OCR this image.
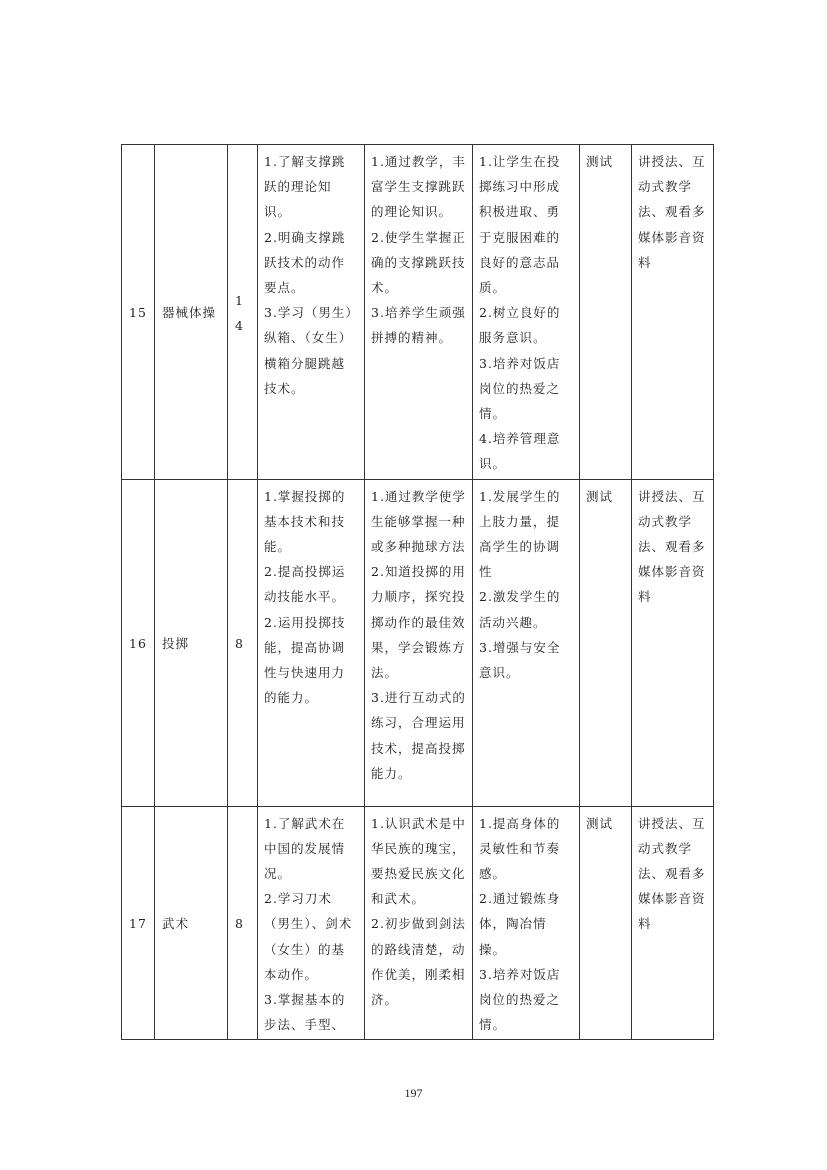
15	器械体操	14	1.了解支撑跳跃的理论知识。
2.明确支撑跳跃技术的动作要点。
3.学习（男生）纵箱、（女生）横箱分腿跳越技术。	1.通过教学，丰富学生支撑跳跃的理论知识。
2.使学生掌握正确的支撑跳跃技术。
3.培养学生顽强拼搏的精神。	1.让学生在投掷练习中形成积极进取、勇于克服困难的良好的意志品质。
2.树立良好的服务意识。
3.培养对饭店岗位的热爱之情。
4.培养管理意识。	测试	讲授法、互动式教学法、观看多媒体影音资料
16	投掷	8	1.掌握投掷的基本技术和技能。
2.提高投掷运动技能水平。
2.运用投掷技能，提高协调性与快速用力的能力。	1.通过教学使学生能够掌握一种或多种抛球方法
2.知道投掷的用力顺序，探究投掷动作的最佳效果，学会锻炼方法。
3.进行互动式的练习，合理运用技术，提高投掷能力。	1.发展学生的上肢力量，提高学生的协调性
2.激发学生的活动兴趣。
3.增强与安全意识。	测试	讲授法、互动式教学法、观看多媒体影音资料
17	武术	8	1.了解武术在中国的发展情况。
2.学习刀术（男生）、剑术（女生）的基本动作。
3.掌握基本的步法、手型、	1.认识武术是中华民族的瑰宝，要热爱民族文化和武术。
2.初步做到剑法的路线清楚，动作优美，刚柔相济。	1.提高身体的灵敏性和节奏感。
2.通过锻炼身体，陶冶情操。
3.培养对饭店岗位的热爱之情。	测试	讲授法、互动式教学法、观看多媒体影音资料
197
